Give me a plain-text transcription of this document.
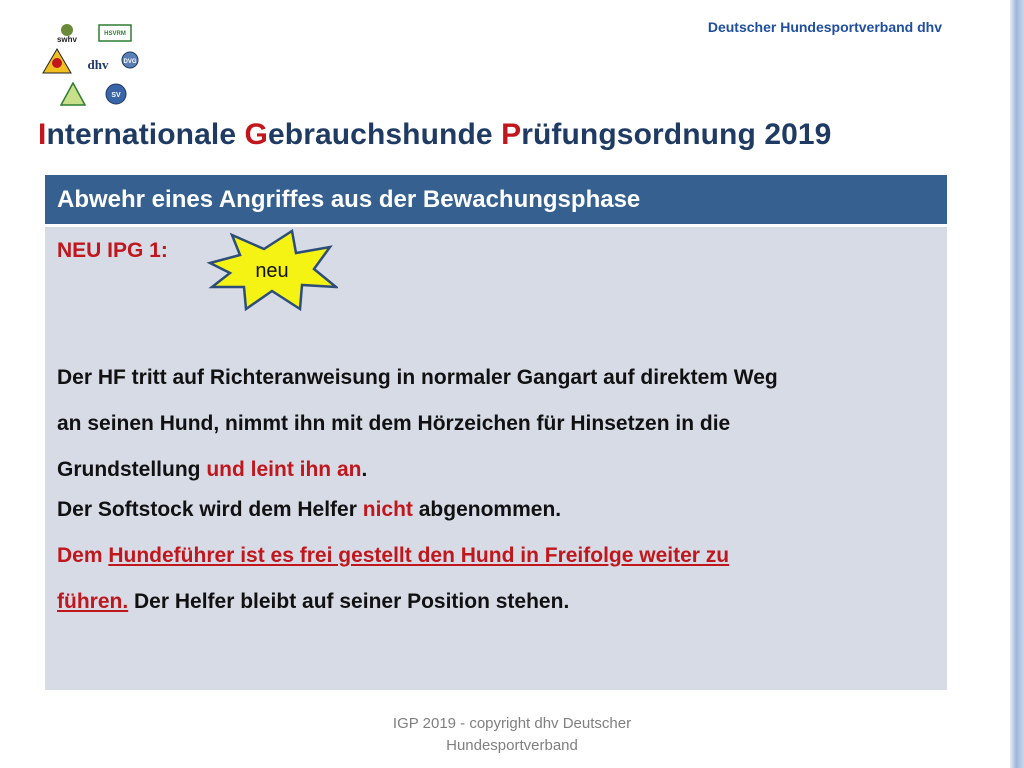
Deutscher Hundesportverband dhv
swhv
HSVRM
dhv	DVG
SV
Internationale Gebrauchshunde Prüfungsordnung 2019
Abwehr eines Angriffes aus der Bewachungsphase
NEU IPG 1:
Der HF tritt auf Richteranweisung in normaler Gangart auf direktem Weg
an seinen Hund, nimmt ihn mit dem Hörzeichen für Hinsetzen in die
Grundstellung und leint ihn an.
Der Softstock wird dem Helfer nicht abgenommen.
Dem Hundeführer ist es frei gestellt den Hund in Freifolge weiter zu
führen. Der Helfer bleibt auf seiner Position stehen.
neu
IGP 2019 - copyright dhv Deutscher
Hundesportverband
